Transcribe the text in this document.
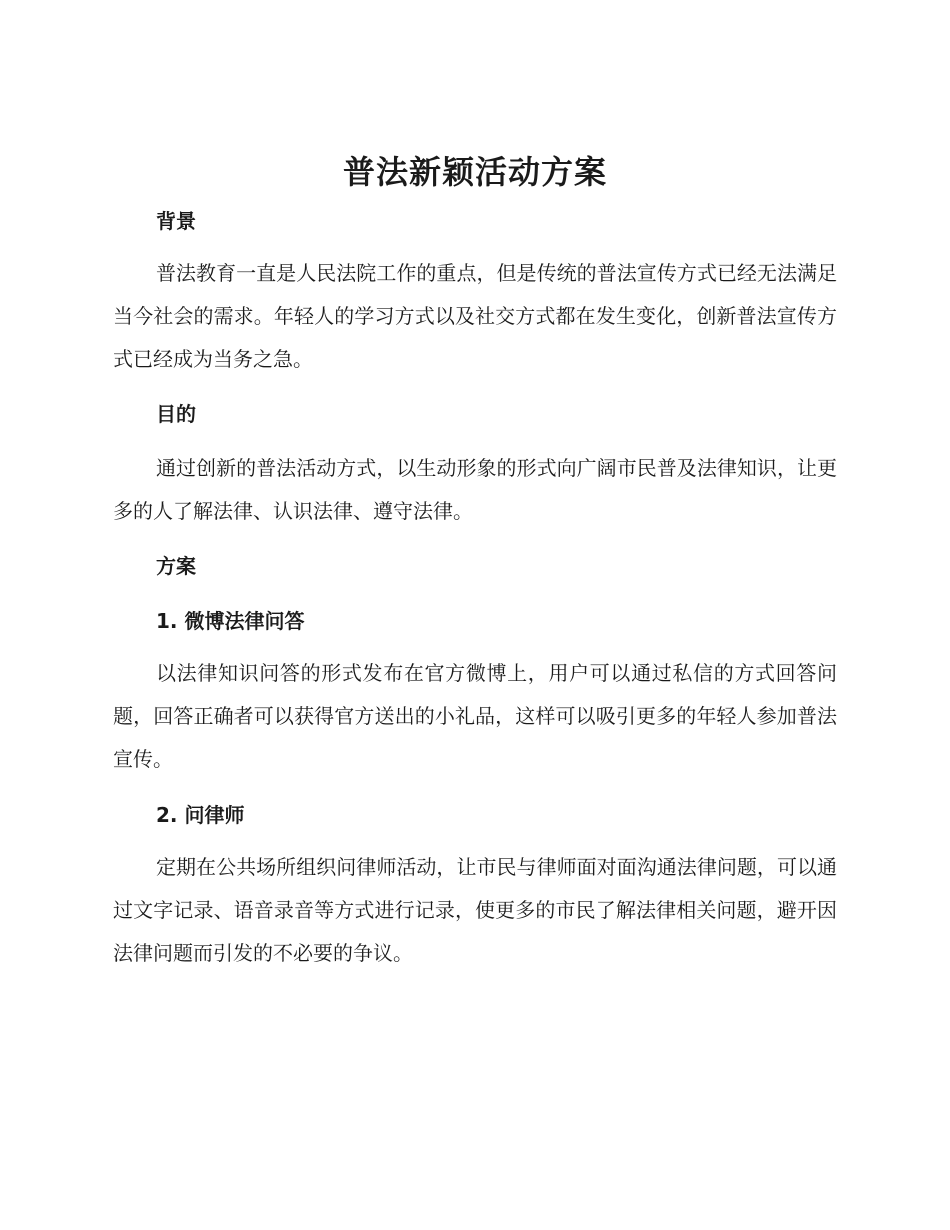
普法新颖活动方案
背景

普法教育一直是人民法院工作的重点，但是传统的普法宣传方式已经无法满足当今社会的需求。年轻人的学习方式以及社交方式都在发生变化，创新普法宣传方式已经成为当务之急。

目的

通过创新的普法活动方式，以生动形象的形式向广阔市民普及法律知识，让更多的人了解法律、认识法律、遵守法律。

方案
1. 微博法律问答

以法律知识问答的形式发布在官方微博上，用户可以通过私信的方式回答问题，回答正确者可以获得官方送出的小礼品，这样可以吸引更多的年轻人参加普法宣传。

2. 问律师

定期在公共场所组织问律师活动，让市民与律师面对面沟通法律问题，可以通过文字记录、语音录音等方式进行记录，使更多的市民了解法律相关问题，避开因法律问题而引发的不必要的争议。
